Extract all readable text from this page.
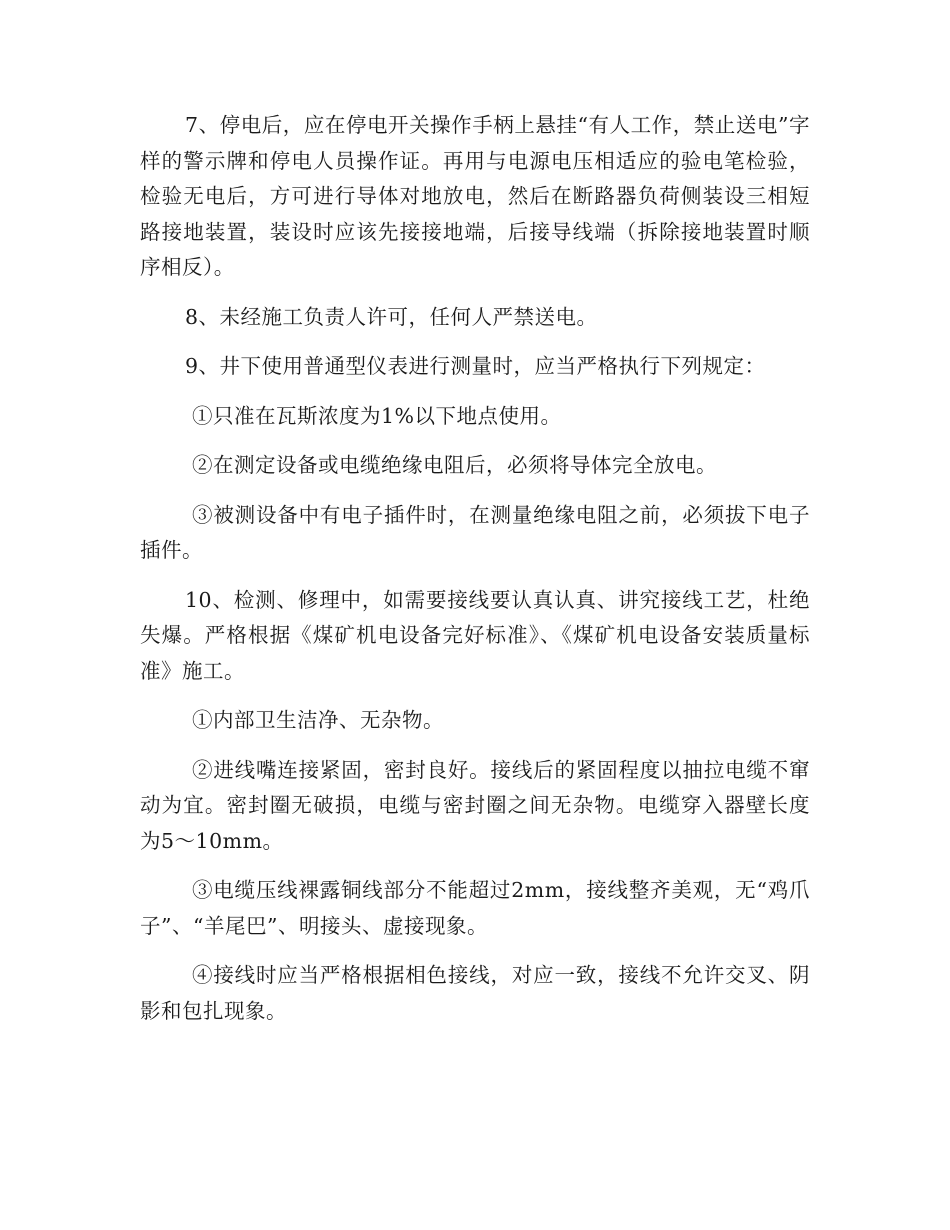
7、停电后，应在停电开关操作手柄上悬挂“有人工作，禁止送电”字样的警示牌和停电人员操作证。再用与电源电压相适应的验电笔检验，检验无电后，方可进行导体对地放电，然后在断路器负荷侧装设三相短路接地装置，装设时应该先接接地端，后接导线端（拆除接地装置时顺序相反）。

8、未经施工负责人许可，任何人严禁送电。

9、井下使用普通型仪表进行测量时，应当严格执行下列规定：

①只准在瓦斯浓度为1%以下地点使用。

②在测定设备或电缆绝缘电阻后，必须将导体完全放电。

③被测设备中有电子插件时，在测量绝缘电阻之前，必须拔下电子插件。

10、检测、修理中，如需要接线要认真认真、讲究接线工艺，杜绝失爆。严格根据《煤矿机电设备完好标准》、《煤矿机电设备安装质量标准》施工。

①内部卫生洁净、无杂物。

②进线嘴连接紧固，密封良好。接线后的紧固程度以抽拉电缆不窜动为宜。密封圈无破损，电缆与密封圈之间无杂物。电缆穿入器壁长度为5～10mm。

③电缆压线裸露铜线部分不能超过2mm，接线整齐美观，无“鸡爪子”、“羊尾巴”、明接头、虚接现象。

④接线时应当严格根据相色接线，对应一致，接线不允许交叉、阴影和包扎现象。
